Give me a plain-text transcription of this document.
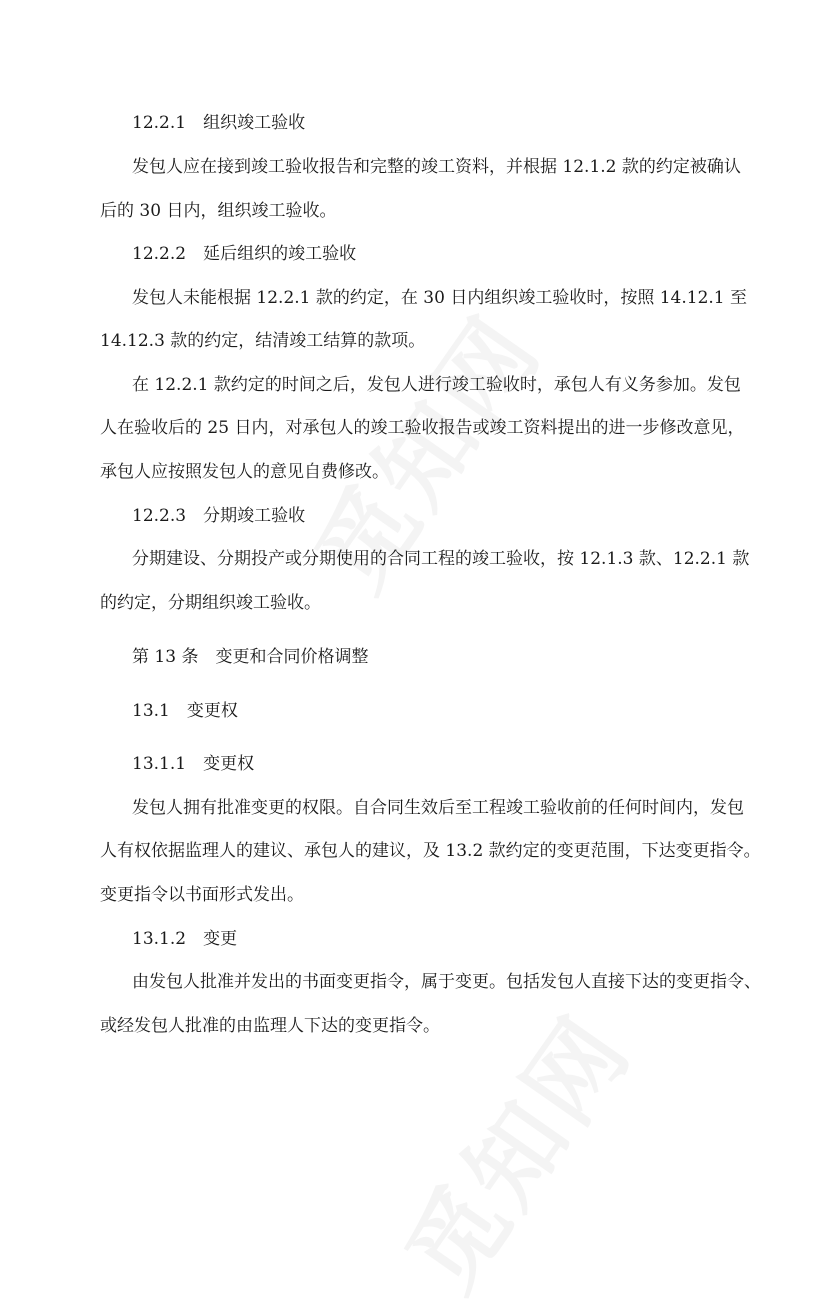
12.2.1　组织竣工验收
发包人应在接到竣工验收报告和完整的竣工资料，并根据 12.1.2 款的约定被确认
后的 30 日内，组织竣工验收。
12.2.2　延后组织的竣工验收
发包人未能根据 12.2.1 款的约定，在 30 日内组织竣工验收时，按照 14.12.1 至
14.12.3 款的约定，结清竣工结算的款项。
在 12.2.1 款约定的时间之后，发包人进行竣工验收时，承包人有义务参加。发包
人在验收后的 25 日内，对承包人的竣工验收报告或竣工资料提出的进一步修改意见，
承包人应按照发包人的意见自费修改。
12.2.3　分期竣工验收
分期建设、分期投产或分期使用的合同工程的竣工验收，按 12.1.3 款、12.2.1 款
的约定，分期组织竣工验收。
第 13 条　变更和合同价格调整
13.1　变更权
13.1.1　变更权
发包人拥有批准变更的权限。自合同生效后至工程竣工验收前的任何时间内，发包
人有权依据监理人的建议、承包人的建议，及 13.2 款约定的变更范围，下达变更指令。
变更指令以书面形式发出。
13.1.2　变更
由发包人批准并发出的书面变更指令，属于变更。包括发包人直接下达的变更指令、
或经发包人批准的由监理人下达的变更指令。
